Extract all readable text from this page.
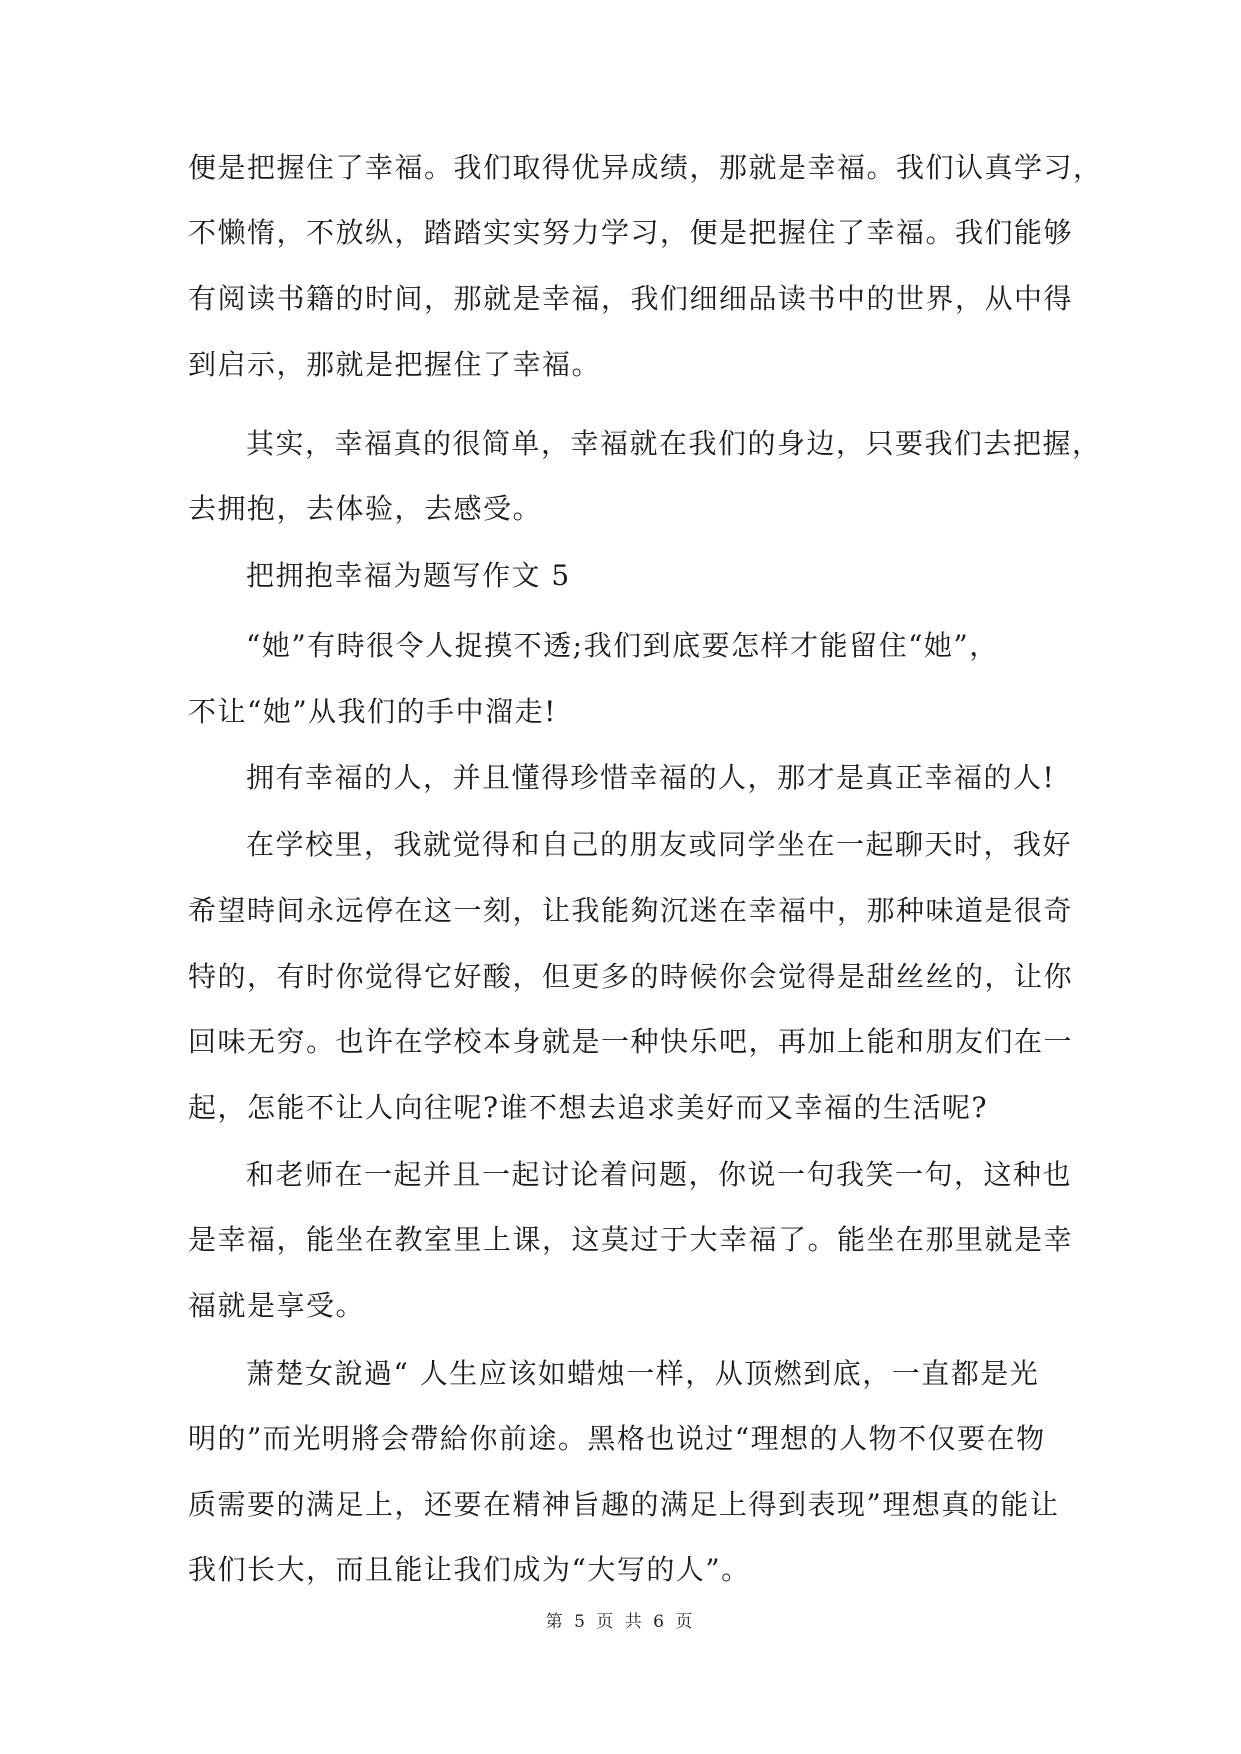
便是把握住了幸福。我们取得优异成绩，那就是幸福。我们认真学习，
不懒惰，不放纵，踏踏实实努力学习，便是把握住了幸福。我们能够
有阅读书籍的时间，那就是幸福，我们细细品读书中的世界，从中得
到启示，那就是把握住了幸福。
其实，幸福真的很简单，幸福就在我们的身边，只要我们去把握，
去拥抱，去体验，去感受。
把拥抱幸福为题写作文 5
“她”有時很令人捉摸不透;我们到底要怎样才能留住“她”，
不让“她”从我们的手中溜走!
拥有幸福的人，并且懂得珍惜幸福的人，那才是真正幸福的人!
在学校里，我就觉得和自己的朋友或同学坐在一起聊天时，我好
希望時间永远停在这一刻，让我能夠沉迷在幸福中，那种味道是很奇
特的，有时你觉得它好酸，但更多的時候你会觉得是甜丝丝的，让你
回味无穷。也许在学校本身就是一种快乐吧，再加上能和朋友们在一
起，怎能不让人向往呢?谁不想去追求美好而又幸福的生活呢?
和老师在一起并且一起讨论着问题，你说一句我笑一句，这种也
是幸福，能坐在教室里上课，这莫过于大幸福了。能坐在那里就是幸
福就是享受。
萧楚女說過“ 人生应该如蜡烛一样，从顶燃到底，一直都是光
明的”而光明將会帶給你前途。黑格也说过“理想的人物不仅要在物
质需要的满足上，还要在精神旨趣的满足上得到表现”理想真的能让
我们长大，而且能让我们成为“大写的人”。
第 5 页 共 6 页
